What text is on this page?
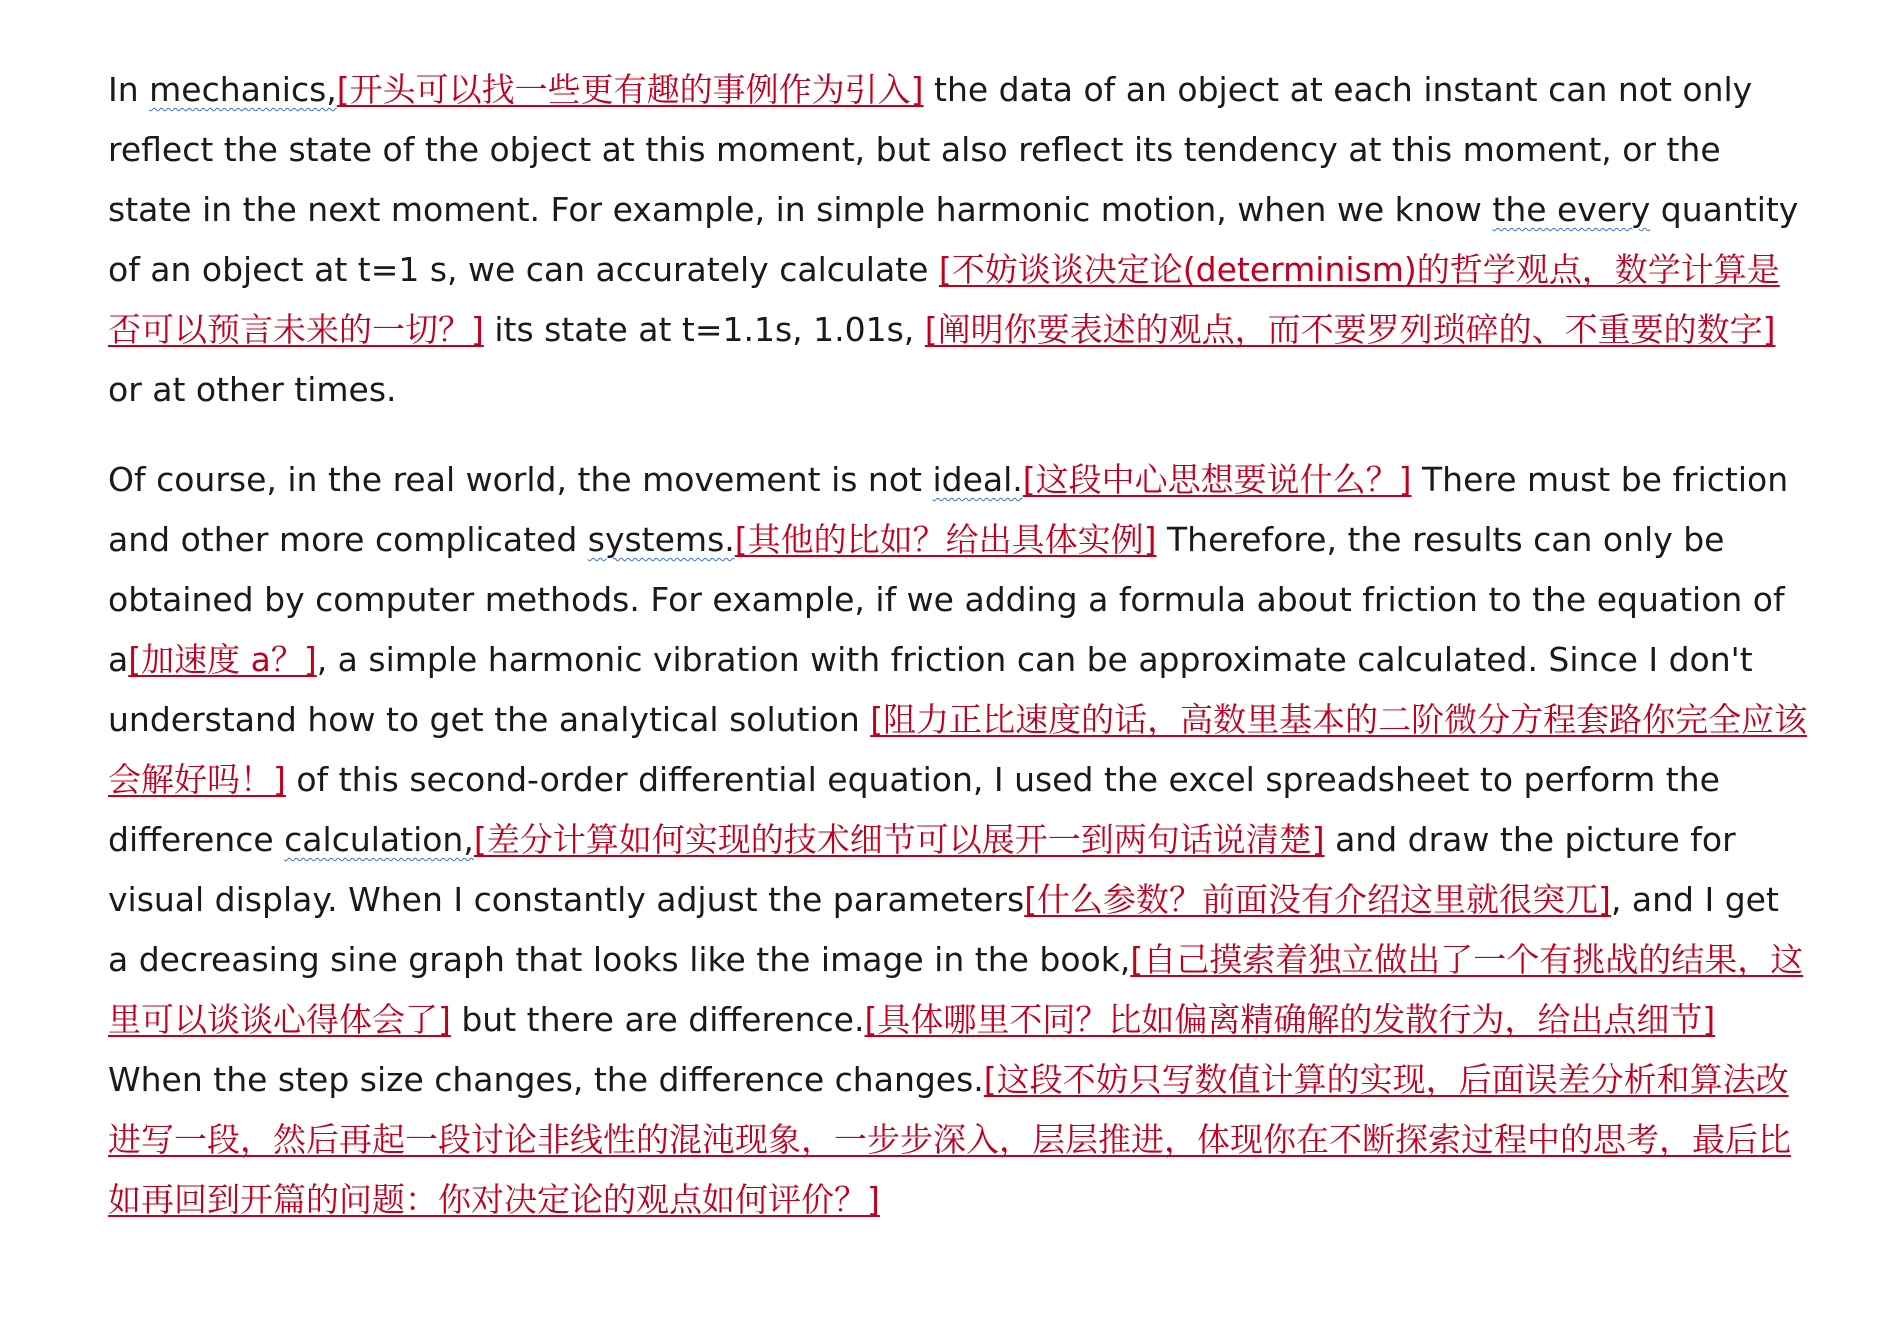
In mechanics,[开头可以找一些更有趣的事例作为引入] the data of an object at each instant can not only reflect the state of the object at this moment, but also reflect its tendency at this moment, or the state in the next moment. For example, in simple harmonic motion, when we know the every quantity of an object at t=1 s, we can accurately calculate [不妨谈谈决定论(determinism)的哲学观点，数学计算是否可以预言未来的一切？] its state at t=1.1s, 1.01s, [阐明你要表述的观点，而不要罗列琐碎的、不重要的数字] or at other times.

Of course, in the real world, the movement is not ideal.[这段中心思想要说什么？] There must be friction and other more complicated systems.[其他的比如？给出具体实例] Therefore, the results can only be obtained by computer methods. For example, if we adding a formula about friction to the equation of a[加速度 a？], a simple harmonic vibration with friction can be approximate calculated. Since I don't understand how to get the analytical solution [阻力正比速度的话，高数里基本的二阶微分方程套路你完全应该会解好吗！] of this second-order differential equation, I used the excel spreadsheet to perform the difference calculation,[差分计算如何实现的技术细节可以展开一到两句话说清楚] and draw the picture for visual display. When I constantly adjust the parameters[什么参数？前面没有介绍这里就很突兀], and I get a decreasing sine graph that looks like the image in the book,[自己摸索着独立做出了一个有挑战的结果，这里可以谈谈心得体会了] but there are difference.[具体哪里不同？比如偏离精确解的发散行为，给出点细节] When the step size changes, the difference changes.[这段不妨只写数值计算的实现，后面误差分析和算法改进写一段，然后再起一段讨论非线性的混沌现象，一步步深入，层层推进，体现你在不断探索过程中的思考，最后比如再回到开篇的问题：你对决定论的观点如何评价？]
